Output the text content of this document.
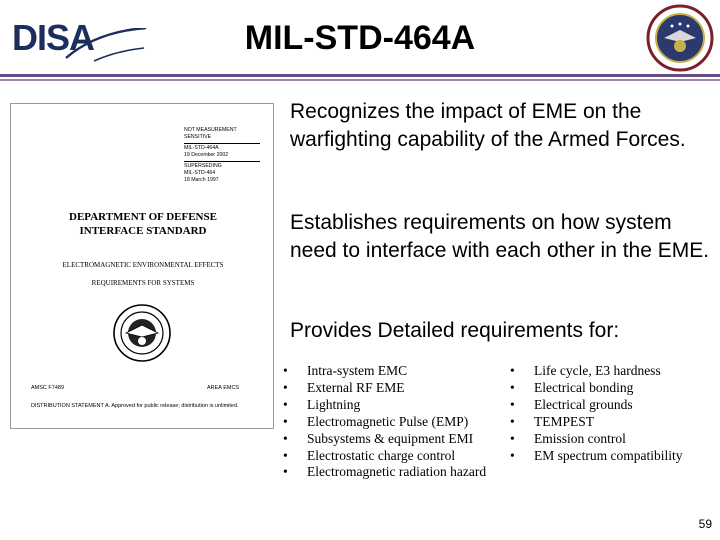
DISA	MIL-STD-464A
NOT MEASUREMENT
SENSITIVE
MIL-STD-464A
19 December 2002
SUPERSEDING
MIL-STD-464
18 March 1997
DEPARTMENT OF DEFENSE
INTERFACE STANDARD
ELECTROMAGNETIC ENVIRONMENTAL EFFECTS
REQUIREMENTS FOR SYSTEMS
AMSC F7489	AREA EMCS
DISTRIBUTION STATEMENT A. Approved for public release; distribution is unlimited.

Recognizes the impact of EME on the warfighting capability of the Armed Forces.

Establishes requirements on how system need to interface with each other in the EME.

Provides Detailed requirements for:

• Intra-system EMC
• External RF EME
• Lightning
• Electromagnetic Pulse (EMP)
• Subsystems & equipment EMI
• Electrostatic charge control
• Electromagnetic radiation hazard
• Life cycle, E3 hardness
• Electrical bonding
• Electrical grounds
• TEMPEST
• Emission control
• EM spectrum compatibility
59
